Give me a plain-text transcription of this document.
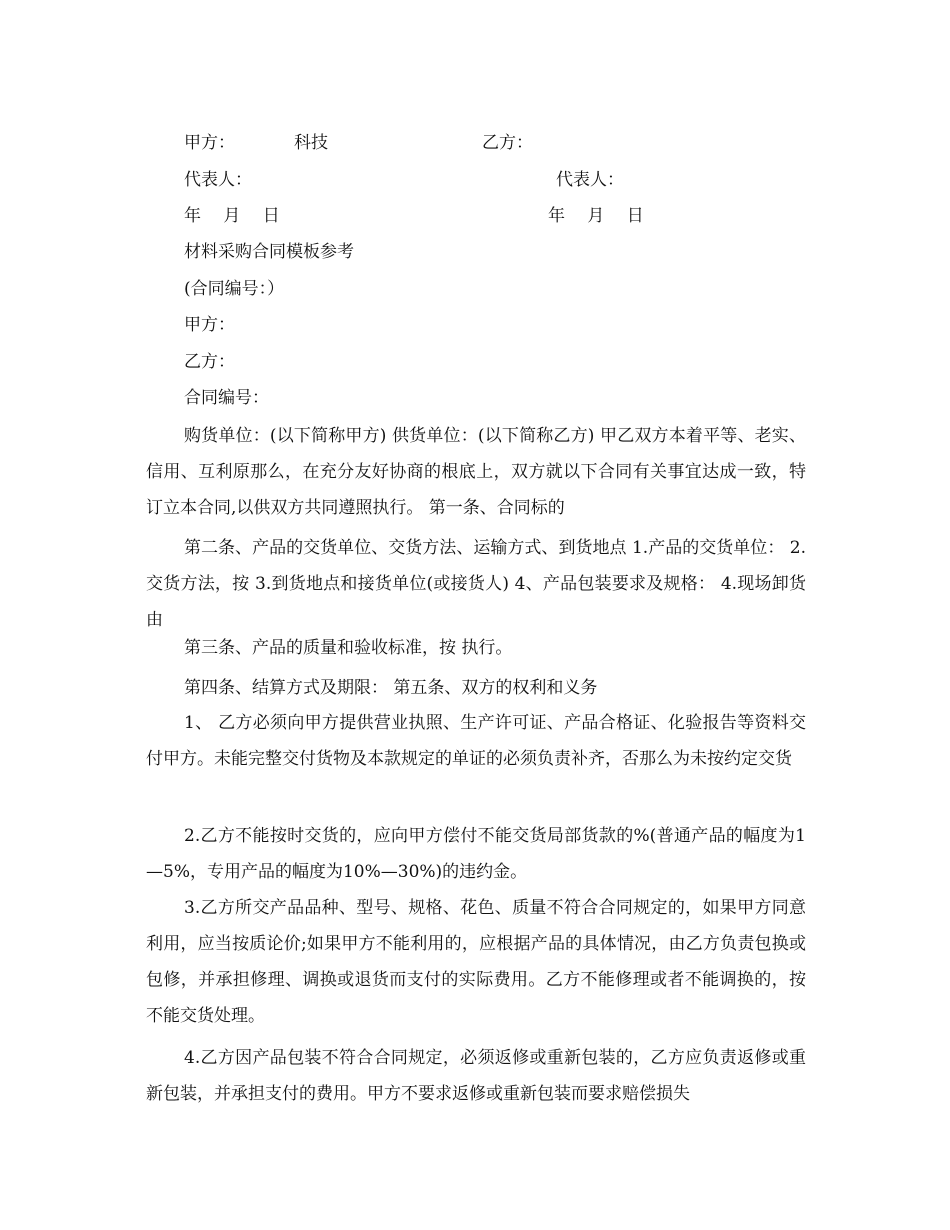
甲方：	科技	乙方：
代表人：	代表人：
年　 月　 日	年　 月　 日
材料采购合同模板参考
(合同编号：）
甲方：
乙方：
合同编号：
购货单位：(以下简称甲方) 供货单位：(以下简称乙方) 甲乙双方本着平等、老实、信用、互利原那么，在充分友好协商的根底上，双方就以下合同有关事宜达成一致，特订立本合同,以供双方共同遵照执行。 第一条、合同标的
第二条、产品的交货单位、交货方法、运输方式、到货地点 1.产品的交货单位： 2.交货方法，按 3.到货地点和接货单位(或接货人) 4、产品包装要求及规格： 4.现场卸货由
第三条、产品的质量和验收标准，按 执行。
第四条、结算方式及期限： 第五条、双方的权利和义务
1、 乙方必须向甲方提供营业执照、生产许可证、产品合格证、化验报告等资料交付甲方。未能完整交付货物及本款规定的单证的必须负责补齐，否那么为未按约定交货
2.乙方不能按时交货的，应向甲方偿付不能交货局部货款的%(普通产品的幅度为1—5%，专用产品的幅度为10%—30%)的违约金。
3.乙方所交产品品种、型号、规格、花色、质量不符合合同规定的，如果甲方同意利用，应当按质论价;如果甲方不能利用的，应根据产品的具体情况，由乙方负责包换或包修，并承担修理、调换或退货而支付的实际费用。乙方不能修理或者不能调换的，按不能交货处理。
4.乙方因产品包装不符合合同规定，必须返修或重新包装的，乙方应负责返修或重新包装，并承担支付的费用。甲方不要求返修或重新包装而要求赔偿损失
